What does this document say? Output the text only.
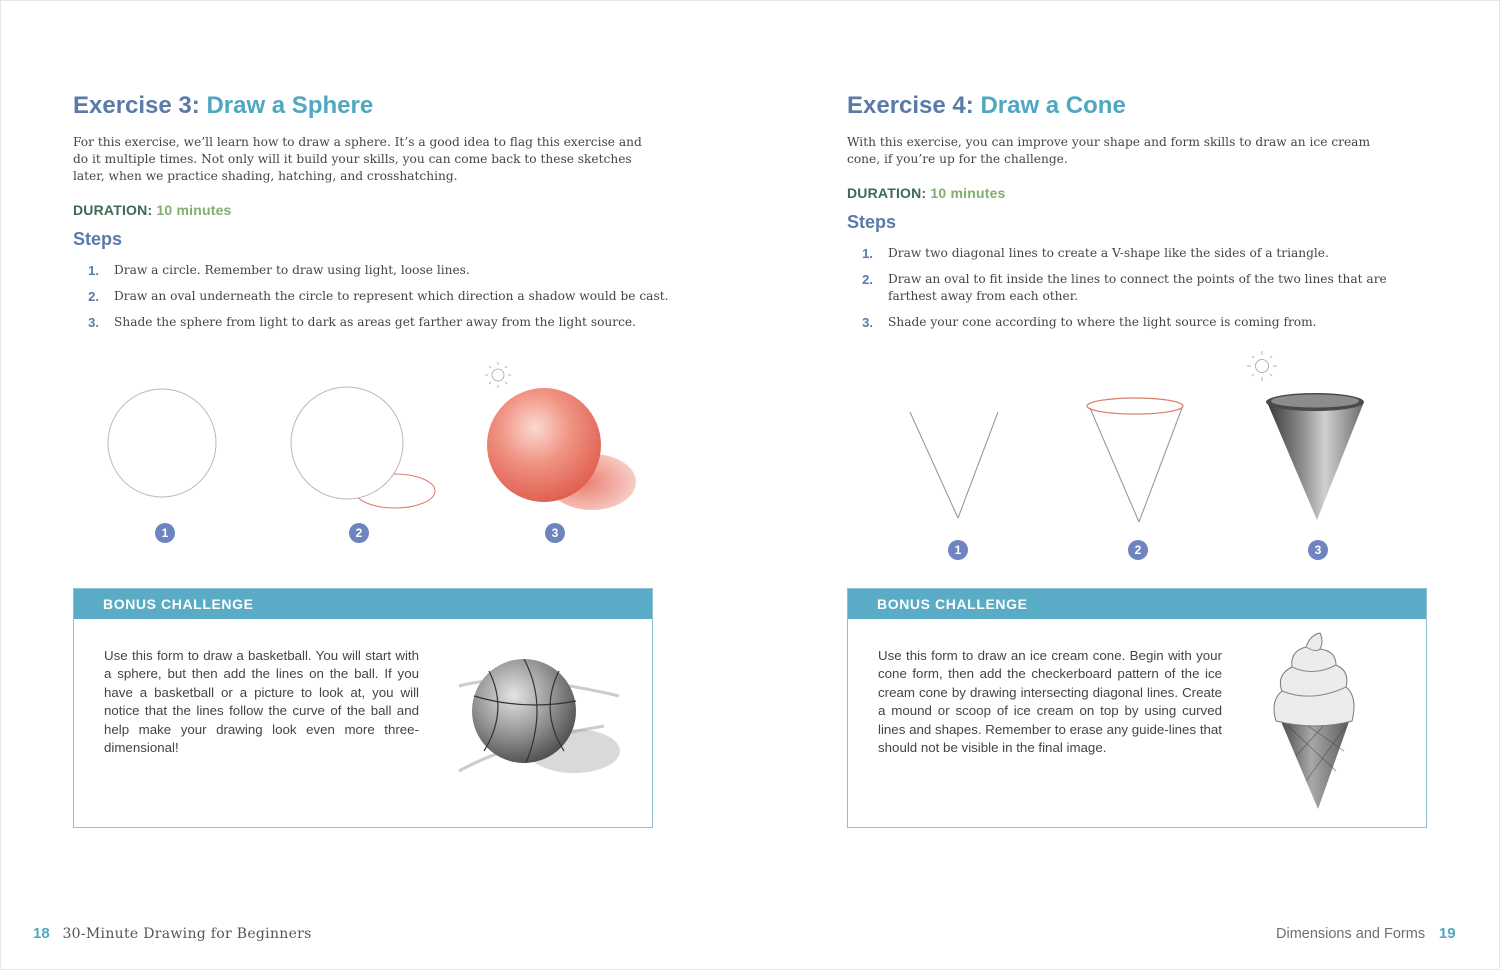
Exercise 3: Draw a Sphere

For this exercise, we’ll learn how to draw a sphere. It’s a good idea to flag this exercise and do it multiple times. Not only will it build your skills, you can come back to these sketches later, when we practice shading, hatching, and crosshatching.

DURATION: 10 minutes

Steps
1. Draw a circle. Remember to draw using light, loose lines.
2. Draw an oval underneath the circle to represent which direction a shadow would be cast.
3. Shade the sphere from light to dark as areas get farther away from the light source.
1	2	3
BONUS CHALLENGE

Use this form to draw a basketball. You will start with a sphere, but then add the lines on the ball. If you have a basketball or a picture to look at, you will notice that the lines follow the curve of the ball and help make your drawing look even more three-dimensional!

18 30-Minute Drawing for Beginners
Exercise 4: Draw a Cone

With this exercise, you can improve your shape and form skills to draw an ice cream cone, if you’re up for the challenge.

DURATION: 10 minutes

Steps
1. Draw two diagonal lines to create a V-shape like the sides of a triangle.
2. Draw an oval to fit inside the lines to connect the points of the two lines that are farthest away from each other.
3. Shade your cone according to where the light source is coming from.
1	2	3
BONUS CHALLENGE

Use this form to draw an ice cream cone. Begin with your cone form, then add the checkerboard pattern of the ice cream cone by drawing intersecting diagonal lines. Create a mound or scoop of ice cream on top by using curved lines and shapes. Remember to erase any guide-lines that should not be visible in the final image.

Dimensions and Forms 19
